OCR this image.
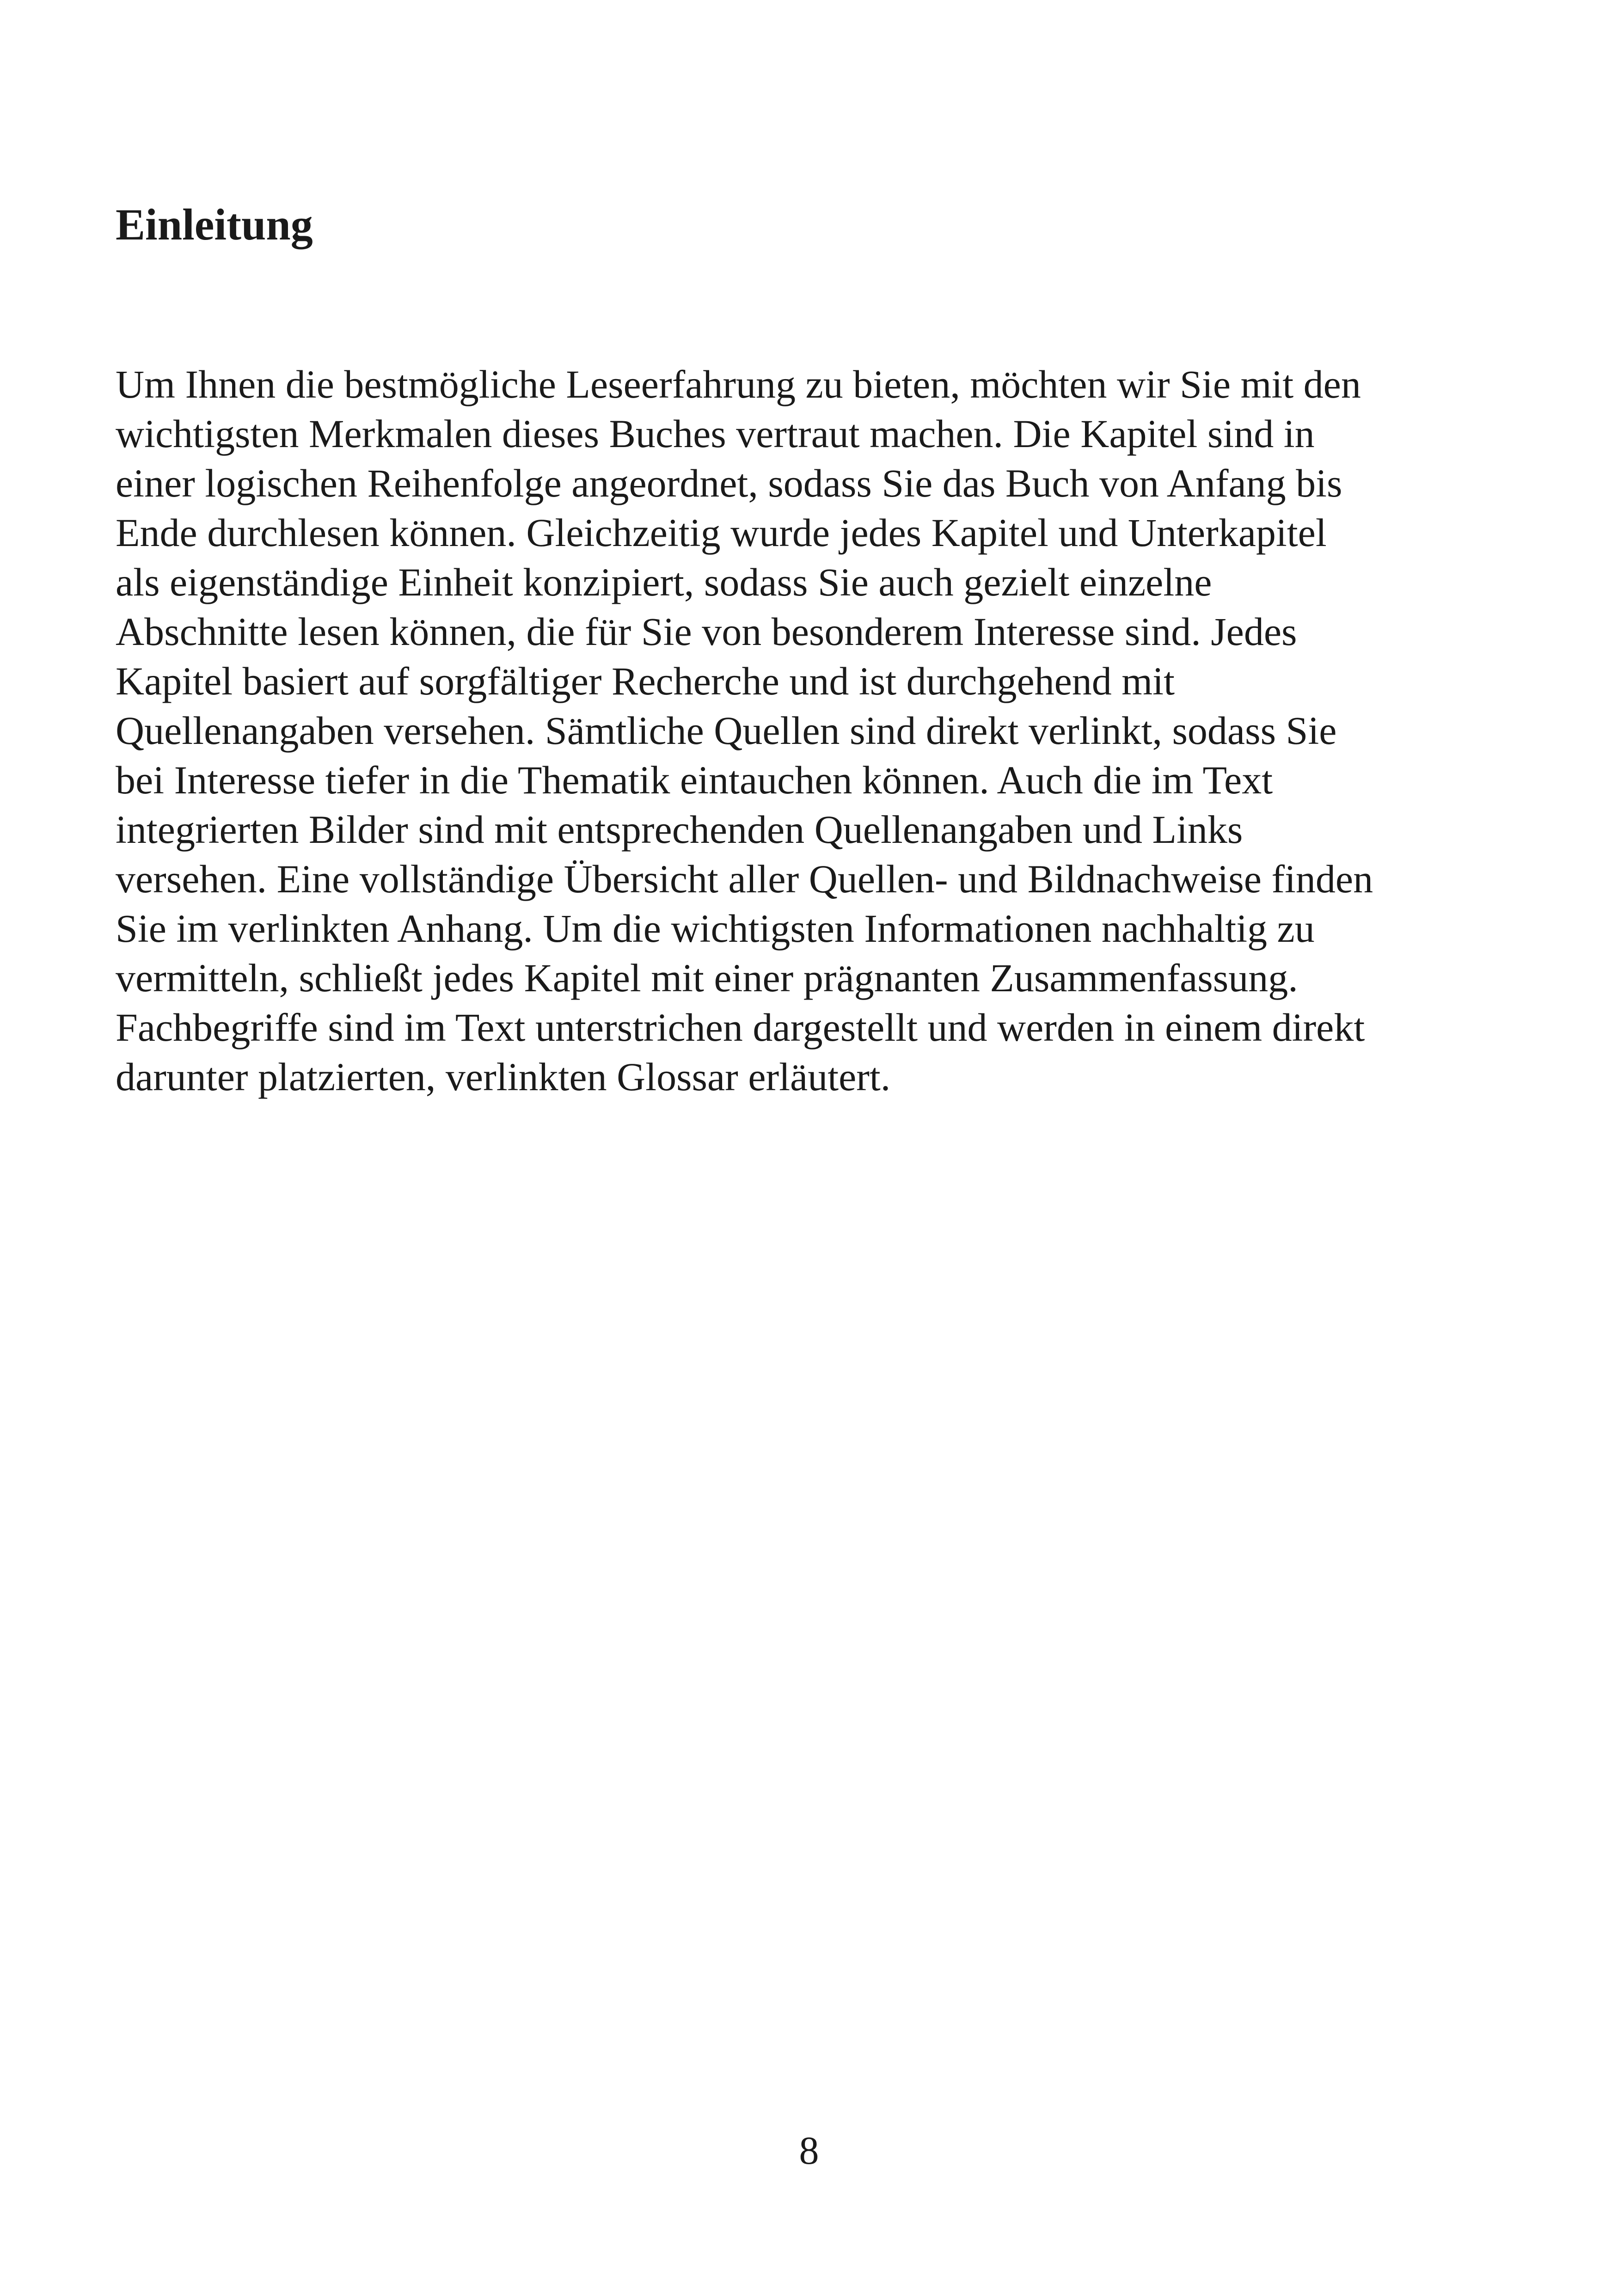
Einleitung
Um Ihnen die bestmögliche Leseerfahrung zu bieten, möchten wir Sie mit den
wichtigsten Merkmalen dieses Buches vertraut machen. Die Kapitel sind in
einer logischen Reihenfolge angeordnet, sodass Sie das Buch von Anfang bis
Ende durchlesen können. Gleichzeitig wurde jedes Kapitel und Unterkapitel
als eigenständige Einheit konzipiert, sodass Sie auch gezielt einzelne
Abschnitte lesen können, die für Sie von besonderem Interesse sind. Jedes
Kapitel basiert auf sorgfältiger Recherche und ist durchgehend mit
Quellenangaben versehen. Sämtliche Quellen sind direkt verlinkt, sodass Sie
bei Interesse tiefer in die Thematik eintauchen können. Auch die im Text
integrierten Bilder sind mit entsprechenden Quellenangaben und Links
versehen. Eine vollständige Übersicht aller Quellen- und Bildnachweise finden
Sie im verlinkten Anhang. Um die wichtigsten Informationen nachhaltig zu
vermitteln, schließt jedes Kapitel mit einer prägnanten Zusammenfassung.
Fachbegriffe sind im Text unterstrichen dargestellt und werden in einem direkt
darunter platzierten, verlinkten Glossar erläutert.
8
